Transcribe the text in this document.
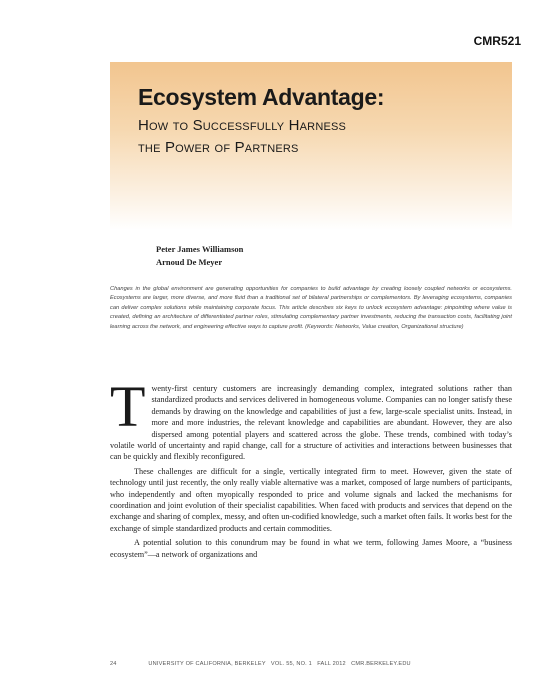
CMR521
Ecosystem Advantage:
How to Successfully Harness
the Power of Partners
Peter James Williamson
Arnoud De Meyer
Changes in the global environment are generating opportunities for companies to build advantage by creating loosely coupled networks or ecosystems. Ecosystems are larger, more diverse, and more fluid than a traditional set of bilateral partnerships or complementors. By leveraging ecosystems, companies can deliver complex solutions while maintaining corporate focus. This article describes six keys to unlock ecosystem advantage: pinpointing where value is created, defining an architecture of differentiated partner roles, stimulating complementary partner investments, reducing the transaction costs, facilitating joint learning across the network, and engineering effective ways to capture profit. (Keywords: Networks, Value creation, Organizational structure)

Twenty-first century customers are increasingly demanding complex, integrated solutions rather than standardized products and services delivered in homogeneous volume. Companies can no longer satisfy these demands by drawing on the knowledge and capabilities of just a few, large-scale specialist units. Instead, in more and more industries, the relevant knowledge and capabilities are abundant. However, they are also dispersed among potential players and scattered across the globe. These trends, combined with today’s volatile world of uncertainty and rapid change, call for a structure of activities and interactions between businesses that can be quickly and flexibly reconfigured.

These challenges are difficult for a single, vertically integrated firm to meet. However, given the state of technology until just recently, the only really viable alternative was a market, composed of large numbers of participants, who independently and often myopically responded to price and volume signals and lacked the mechanisms for coordination and joint evolution of their specialist capabilities. When faced with products and services that depend on the exchange and sharing of complex, messy, and often un-codified knowledge, such a market often fails. It works best for the exchange of simple standardized products and certain commodities.

A potential solution to this conundrum may be found in what we term, following James Moore, a “business ecosystem”—a network of organizations and

24	UNIVERSITY OF CALIFORNIA, BERKELEY   VOL. 55, NO. 1   FALL 2012   CMR.BERKELEY.EDU
